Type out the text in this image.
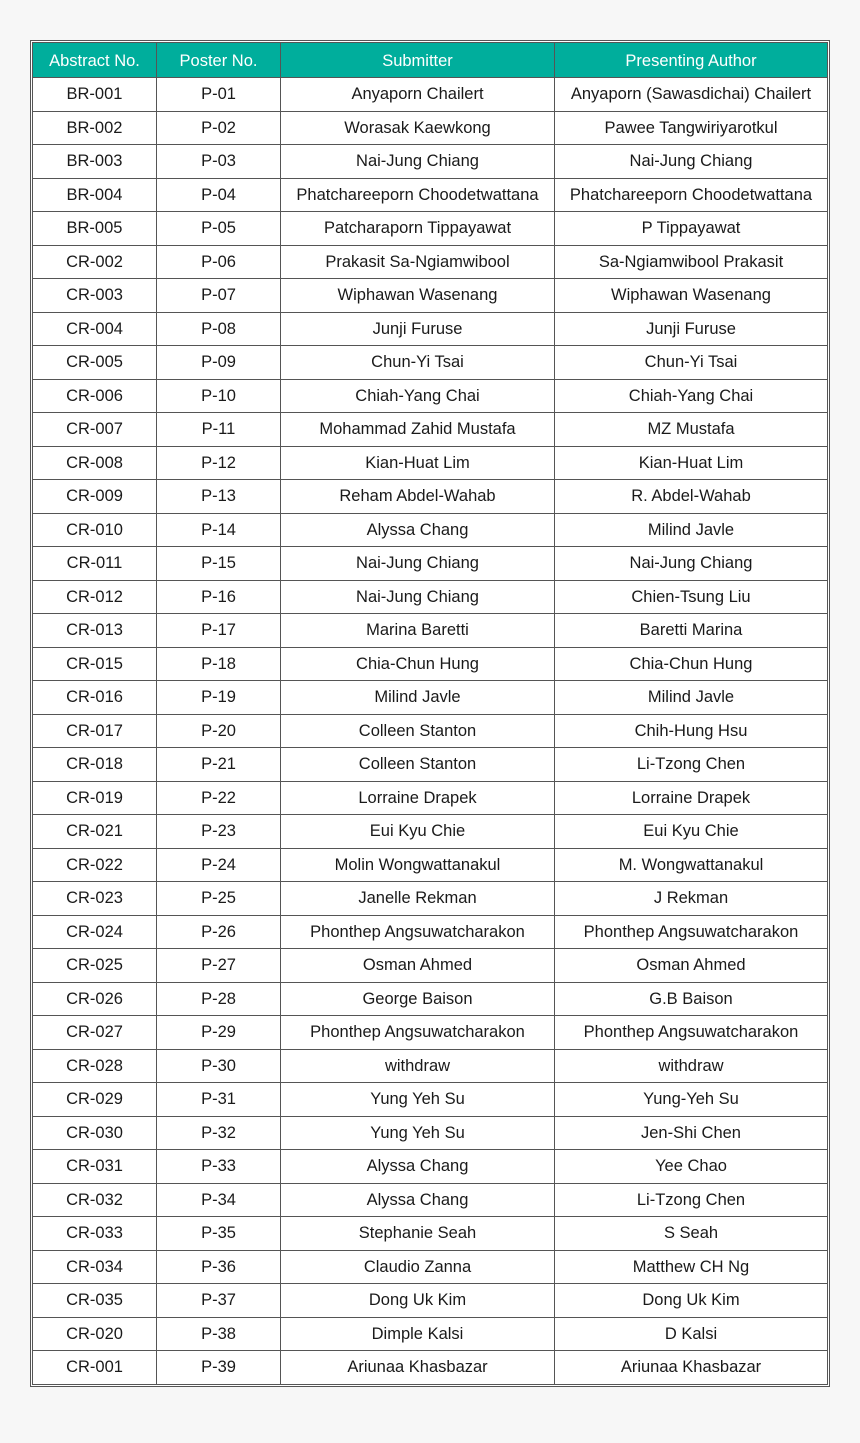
Abstract No.	Poster No.	Submitter	Presenting Author
BR-001	P-01	Anyaporn Chailert	Anyaporn (Sawasdichai) Chailert
BR-002	P-02	Worasak Kaewkong	Pawee Tangwiriyarotkul
BR-003	P-03	Nai-Jung Chiang	Nai-Jung Chiang
BR-004	P-04	Phatchareeporn Choodetwattana	Phatchareeporn Choodetwattana
BR-005	P-05	Patcharaporn Tippayawat	P Tippayawat
CR-002	P-06	Prakasit Sa-Ngiamwibool	Sa-Ngiamwibool Prakasit
CR-003	P-07	Wiphawan Wasenang	Wiphawan Wasenang
CR-004	P-08	Junji Furuse	Junji Furuse
CR-005	P-09	Chun-Yi Tsai	Chun-Yi Tsai
CR-006	P-10	Chiah-Yang Chai	Chiah-Yang Chai
CR-007	P-11	Mohammad Zahid Mustafa	MZ Mustafa
CR-008	P-12	Kian-Huat Lim	Kian-Huat Lim
CR-009	P-13	Reham Abdel-Wahab	R. Abdel-Wahab
CR-010	P-14	Alyssa Chang	Milind Javle
CR-011	P-15	Nai-Jung Chiang	Nai-Jung Chiang
CR-012	P-16	Nai-Jung Chiang	Chien-Tsung Liu
CR-013	P-17	Marina Baretti	Baretti Marina
CR-015	P-18	Chia-Chun Hung	Chia-Chun Hung
CR-016	P-19	Milind Javle	Milind Javle
CR-017	P-20	Colleen Stanton	Chih-Hung Hsu
CR-018	P-21	Colleen Stanton	Li-Tzong Chen
CR-019	P-22	Lorraine Drapek	Lorraine Drapek
CR-021	P-23	Eui Kyu Chie	Eui Kyu Chie
CR-022	P-24	Molin Wongwattanakul	M. Wongwattanakul
CR-023	P-25	Janelle Rekman	J Rekman
CR-024	P-26	Phonthep Angsuwatcharakon	Phonthep Angsuwatcharakon
CR-025	P-27	Osman Ahmed	Osman Ahmed
CR-026	P-28	George Baison	G.B Baison
CR-027	P-29	Phonthep Angsuwatcharakon	Phonthep Angsuwatcharakon
CR-028	P-30	withdraw	withdraw
CR-029	P-31	Yung Yeh Su	Yung-Yeh Su
CR-030	P-32	Yung Yeh Su	Jen-Shi Chen
CR-031	P-33	Alyssa Chang	Yee Chao
CR-032	P-34	Alyssa Chang	Li-Tzong Chen
CR-033	P-35	Stephanie Seah	S Seah
CR-034	P-36	Claudio Zanna	Matthew CH Ng
CR-035	P-37	Dong Uk Kim	Dong Uk Kim
CR-020	P-38	Dimple Kalsi	D Kalsi
CR-001	P-39	Ariunaa Khasbazar	Ariunaa Khasbazar
